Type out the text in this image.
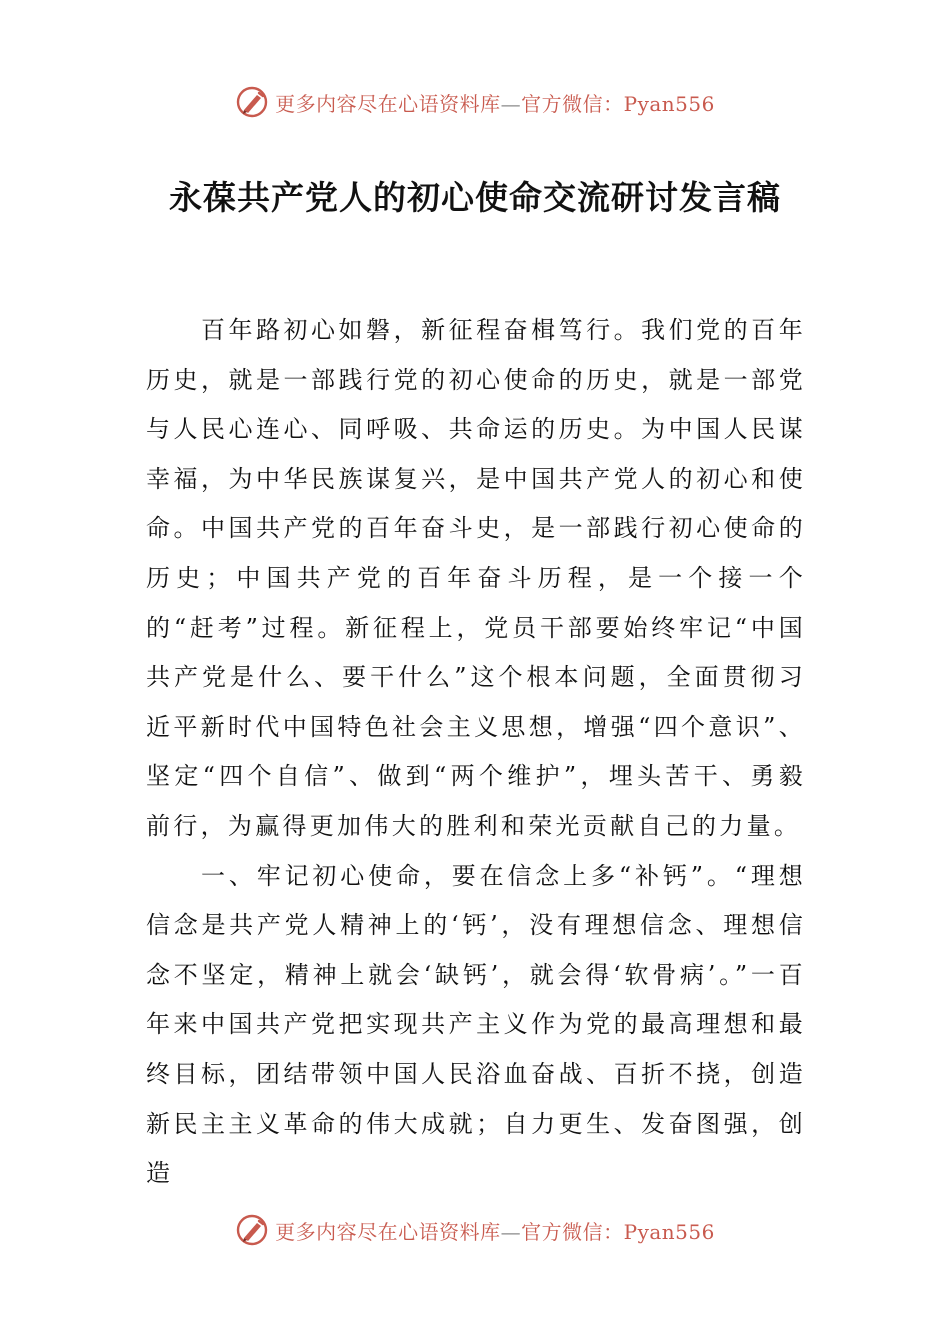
更多内容尽在心语资料库—官方微信：Pyan556
永葆共产党人的初心使命交流研讨发言稿

百年路初心如磐，新征程奋楫笃行。我们党的百年历史，就是一部践行党的初心使命的历史，就是一部党与人民心连心、同呼吸、共命运的历史。为中国人民谋幸福，为中华民族谋复兴，是中国共产党人的初心和使命。中国共产党的百年奋斗史，是一部践行初心使命的历史；中国共产党的百年奋斗历程，是一个接一个的“赶考”过程。新征程上，党员干部要始终牢记“中国共产党是什么、要干什么”这个根本问题，全面贯彻习近平新时代中国特色社会主义思想，增强“四个意识”、坚定“四个自信”、做到“两个维护”，埋头苦干、勇毅前行，为赢得更加伟大的胜利和荣光贡献自己的力量。

一、牢记初心使命，要在信念上多“补钙”。“理想信念是共产党人精神上的‘钙’，没有理想信念、理想信念不坚定，精神上就会‘缺钙’，就会得‘软骨病’。”一百年来中国共产党把实现共产主义作为党的最高理想和最终目标，团结带领中国人民浴血奋战、百折不挠，创造新民主主义革命的伟大成就；自力更生、发奋图强，创造

更多内容尽在心语资料库—官方微信：Pyan556
